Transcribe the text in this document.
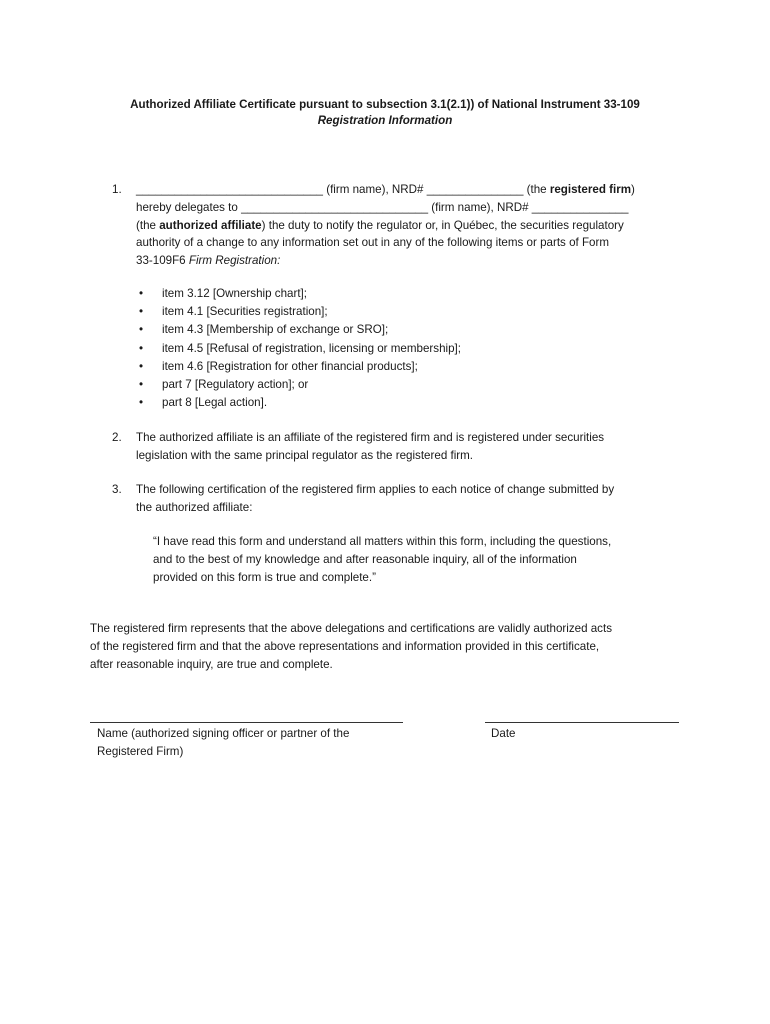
Authorized Affiliate Certificate pursuant to subsection 3.1(2.1)) of National Instrument 33-109
Registration Information
1.	_____________________________ (firm name), NRD# _______________ (the registered firm)
hereby delegates to _____________________________ (firm name), NRD# _______________
(the authorized affiliate) the duty to notify the regulator or, in Québec, the securities regulatory
authority of a change to any information set out in any of the following items or parts of Form
33-109F6 Firm Registration:
• item 3.12 [Ownership chart];
• item 4.1 [Securities registration];
• item 4.3 [Membership of exchange or SRO];
• item 4.5 [Refusal of registration, licensing or membership];
• item 4.6 [Registration for other financial products];
• part 7 [Regulatory action]; or
• part 8 [Legal action].
2.	The authorized affiliate is an affiliate of the registered firm and is registered under securities
legislation with the same principal regulator as the registered firm.
3.	The following certification of the registered firm applies to each notice of change submitted by
the authorized affiliate:
“I have read this form and understand all matters within this form, including the questions,
and to the best of my knowledge and after reasonable inquiry, all of the information
provided on this form is true and complete.”
The registered firm represents that the above delegations and certifications are validly authorized acts
of the registered firm and that the above representations and information provided in this certificate,
after reasonable inquiry, are true and complete.
Name (authorized signing officer or partner of the
Registered Firm)
Date
